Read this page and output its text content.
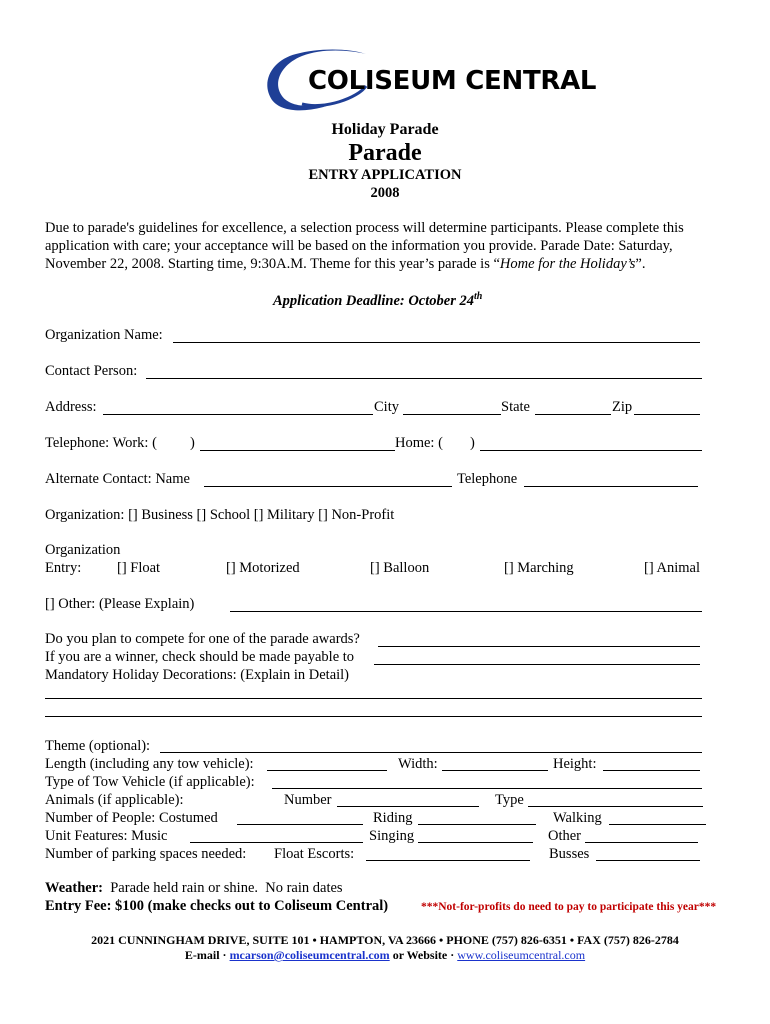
COLISEUM CENTRAL
Holiday Parade
Parade
ENTRY APPLICATION
2008
Due to parade's guidelines for excellence, a selection process will determine participants. Please complete this
application with care; your acceptance will be based on the information you provide. Parade Date: Saturday,
November 22, 2008. Starting time, 9:30A.M. Theme for this year’s parade is “Home for the Holiday’s”.
Application Deadline: October 24th
Organization Name:
Contact Person:
Address:	City	State	Zip
Telephone: Work: ( )	Home: ( )
Alternate Contact: Name	Telephone
Organization: [] Business [] School [] Military [] Non-Profit
Organization
Entry: [] Float	[] Motorized	[] Balloon	[] Marching	[] Animal
[] Other: (Please Explain)
Do you plan to compete for one of the parade awards?
If you are a winner, check should be made payable to
Mandatory Holiday Decorations: (Explain in Detail)
Theme (optional):
Length (including any tow vehicle):	Width:	Height:
Type of Tow Vehicle (if applicable):
Animals (if applicable):	Number	Type
Number of People: Costumed	Riding	Walking
Unit Features: Music	Singing	Other
Number of parking spaces needed: Float Escorts:	Busses
Weather:  Parade held rain or shine.  No rain dates
Entry Fee: $100 (make checks out to Coliseum Central)	***Not-for-profits do need to pay to participate this year***
2021 CUNNINGHAM DRIVE, SUITE 101 • HAMPTON, VA 23666 • PHONE (757) 826-6351 • FAX (757) 826-2784
E-mail · mcarson@coliseumcentral.com or Website · www.coliseumcentral.com
